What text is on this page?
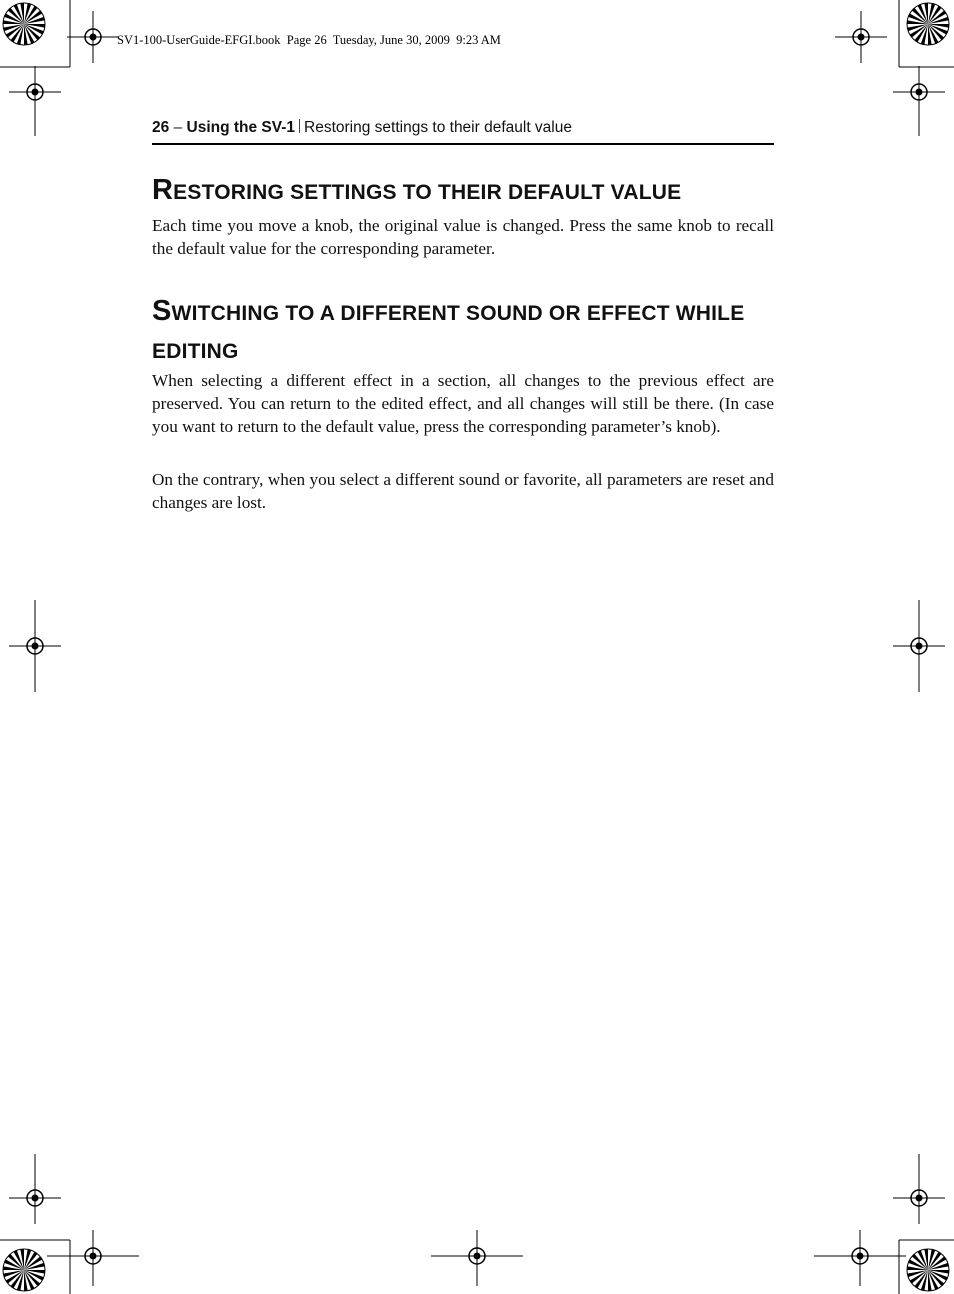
SV1-100-UserGuide-EFGI.book  Page 26  Tuesday, June 30, 2009  9:23 AM
26 – Using the SV-1 Restoring settings to their default value
RESTORING SETTINGS TO THEIR DEFAULT VALUE
Each time you move a knob, the original value is changed. Press the same knob to recall the default value for the corresponding parameter.
SWITCHING TO A DIFFERENT SOUND OR EFFECT WHILE EDITING
When selecting a different effect in a section, all changes to the previous effect are preserved. You can return to the edited effect, and all changes will still be there. (In case you want to return to the default value, press the corresponding parameter’s knob).
On the contrary, when you select a different sound or favorite, all parameters are reset and changes are lost.
